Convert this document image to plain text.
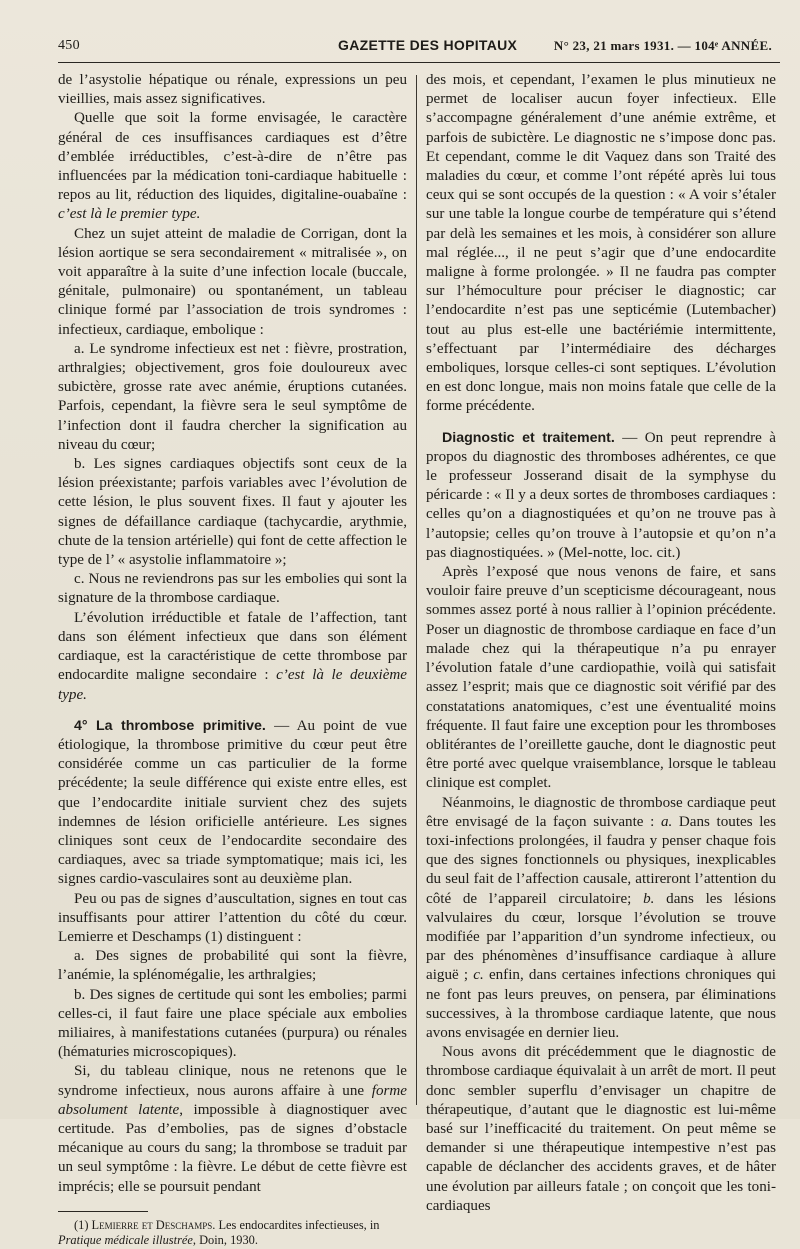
450	GAZETTE DES HOPITAUX	N° 23, 21 mars 1931. — 104ᵉ ANNÉE.

de l’asystolie hépatique ou rénale, expressions un peu vieillies, mais assez significatives.

Quelle que soit la forme envisagée, le caractère général de ces insuffisances cardiaques est d’être d’emblée irréductibles, c’est-à-dire de n’être pas influencées par la médication toni-cardiaque habituelle : repos au lit, réduction des liquides, digitaline-ouabaïne : c’est là le premier type.

Chez un sujet atteint de maladie de Corrigan, dont la lésion aortique se sera secondairement « mitralisée », on voit apparaître à la suite d’une infection locale (buccale, génitale, pulmonaire) ou spontanément, un tableau clinique formé par l’association de trois syndromes : infectieux, cardiaque, embolique :

a. Le syndrome infectieux est net : fièvre, prostration, arthralgies; objectivement, gros foie douloureux avec subictère, grosse rate avec anémie, éruptions cutanées. Parfois, cependant, la fièvre sera le seul symptôme de l’infection dont il faudra chercher la signification au niveau du cœur;

b. Les signes cardiaques objectifs sont ceux de la lésion préexistante; parfois variables avec l’évolution de cette lésion, le plus souvent fixes. Il faut y ajouter les signes de défaillance cardiaque (tachycardie, arythmie, chute de la tension artérielle) qui font de cette affection le type de l’ « asystolie inflammatoire »;

c. Nous ne reviendrons pas sur les embolies qui sont la signature de la thrombose cardiaque.

L’évolution irréductible et fatale de l’affection, tant dans son élément infectieux que dans son élément cardiaque, est la caractéristique de cette thrombose par endocardite maligne secondaire : c’est là le deuxième type.

4° La thrombose primitive. — Au point de vue étiologique, la thrombose primitive du cœur peut être considérée comme un cas particulier de la forme précédente; la seule différence qui existe entre elles, est que l’endocardite initiale survient chez des sujets indemnes de lésion orificielle antérieure. Les signes cliniques sont ceux de l’endocardite secondaire des cardiaques, avec sa triade symptomatique; mais ici, les signes cardio-vasculaires sont au deuxième plan.

Peu ou pas de signes d’auscultation, signes en tout cas insuffisants pour attirer l’attention du côté du cœur. Lemierre et Deschamps (1) distinguent :

a. Des signes de probabilité qui sont la fièvre, l’anémie, la splénomégalie, les arthralgies;

b. Des signes de certitude qui sont les embolies; parmi celles-ci, il faut faire une place spéciale aux embolies miliaires, à manifestations cutanées (purpura) ou rénales (hématuries microscopiques).

Si, du tableau clinique, nous ne retenons que le syndrome infectieux, nous aurons affaire à une forme absolument latente, impossible à diagnostiquer avec certitude. Pas d’embolies, pas de signes d’obstacle mécanique au cours du sang; la thrombose se traduit par un seul symptôme : la fièvre. Le début de cette fièvre est imprécis; elle se poursuit pendant

(1) Lemierre et Deschamps. Les endocardites infectieuses, in Pratique médicale illustrée, Doin, 1930.

des mois, et cependant, l’examen le plus minutieux ne permet de localiser aucun foyer infectieux. Elle s’accompagne généralement d’une anémie extrême, et parfois de subictère. Le diagnostic ne s’impose donc pas. Et cependant, comme le dit Vaquez dans son Traité des maladies du cœur, et comme l’ont répété après lui tous ceux qui se sont occupés de la question : « A voir s’étaler sur une table la longue courbe de température qui s’étend par delà les semaines et les mois, à considérer son allure mal réglée..., il ne peut s’agir que d’une endocardite maligne à forme prolongée. » Il ne faudra pas compter sur l’hémoculture pour préciser le diagnostic; car l’endocardite n’est pas une septicémie (Lutembacher) tout au plus est-elle une bactériémie intermittente, s’effectuant par l’intermédiaire des décharges emboliques, lorsque celles-ci sont septiques. L’évolution en est donc longue, mais non moins fatale que celle de la forme précédente.

Diagnostic et traitement. — On peut reprendre à propos du diagnostic des thromboses adhérentes, ce que le professeur Josserand disait de la symphyse du péricarde : « Il y a deux sortes de thromboses cardiaques : celles qu’on a diagnostiquées et qu’on ne trouve pas à l’autopsie; celles qu’on trouve à l’autopsie et qu’on n’a pas diagnostiquées. » (Mel-notte, loc. cit.)

Après l’exposé que nous venons de faire, et sans vouloir faire preuve d’un scepticisme décourageant, nous sommes assez porté à nous rallier à l’opinion précédente. Poser un diagnostic de thrombose cardiaque en face d’un malade chez qui la thérapeutique n’a pu enrayer l’évolution fatale d’une cardiopathie, voilà qui satisfait assez l’esprit; mais que ce diagnostic soit vérifié par des constatations anatomiques, c’est une éventualité moins fréquente. Il faut faire une exception pour les thromboses oblitérantes de l’oreillette gauche, dont le diagnostic peut être porté avec quelque vraisemblance, lorsque le tableau clinique est complet.

Néanmoins, le diagnostic de thrombose cardiaque peut être envisagé de la façon suivante : a. Dans toutes les toxi-infections prolongées, il faudra y penser chaque fois que des signes fonctionnels ou physiques, inexplicables du seul fait de l’affection causale, attireront l’attention du côté de l’appareil circulatoire; b. dans les lésions valvulaires du cœur, lorsque l’évolution se trouve modifiée par l’apparition d’un syndrome infectieux, ou par des phénomènes d’insuffisance cardiaque à allure aiguë ; c. enfin, dans certaines infections chroniques qui ne font pas leurs preuves, on pensera, par éliminations successives, à la thrombose cardiaque latente, que nous avons envisagée en dernier lieu.

Nous avons dit précédemment que le diagnostic de thrombose cardiaque équivalait à un arrêt de mort. Il peut donc sembler superflu d’envisager un chapitre de thérapeutique, d’autant que le diagnostic est lui-même basé sur l’inefficacité du traitement. On peut même se demander si une thérapeutique intempestive n’est pas capable de déclancher des accidents graves, et de hâter une évolution par ailleurs fatale ; on conçoit que les toni-cardiaques
